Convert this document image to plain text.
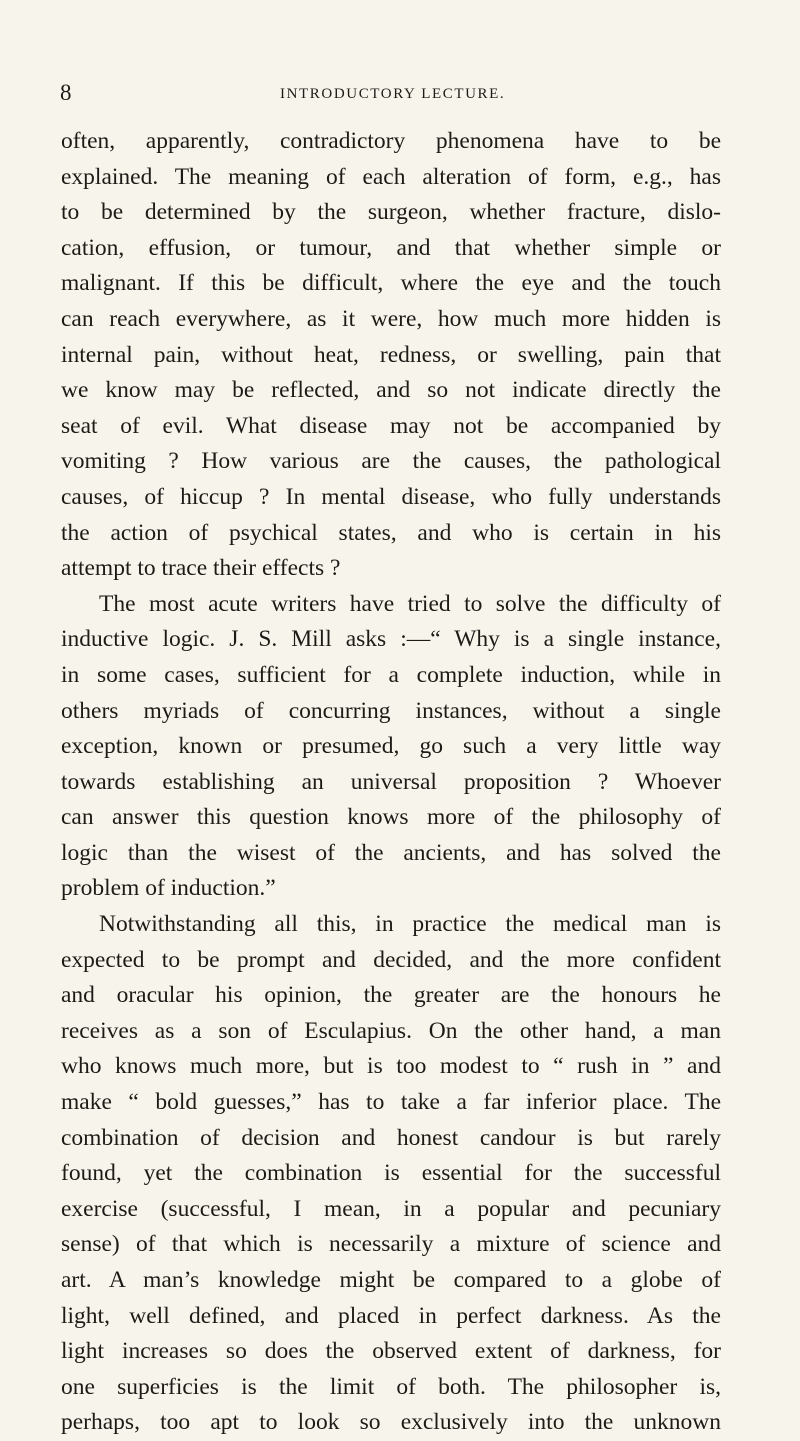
8	INTRODUCTORY LECTURE.
often, apparently, contradictory phenomena have to be
explained. The meaning of each alteration of form, e.g., has
to be determined by the surgeon, whether fracture, dislo-
cation, effusion, or tumour, and that whether simple or
malignant. If this be difficult, where the eye and the touch
can reach everywhere, as it were, how much more hidden is
internal pain, without heat, redness, or swelling, pain that
we know may be reflected, and so not indicate directly the
seat of evil. What disease may not be accompanied by
vomiting ? How various are the causes, the pathological
causes, of hiccup ? In mental disease, who fully understands
the action of psychical states, and who is certain in his
attempt to trace their effects ?
The most acute writers have tried to solve the difficulty of
inductive logic. J. S. Mill asks :—“ Why is a single instance,
in some cases, sufficient for a complete induction, while in
others myriads of concurring instances, without a single
exception, known or presumed, go such a very little way
towards establishing an universal proposition ? Whoever
can answer this question knows more of the philosophy of
logic than the wisest of the ancients, and has solved the
problem of induction.”
Notwithstanding all this, in practice the medical man is
expected to be prompt and decided, and the more confident
and oracular his opinion, the greater are the honours he
receives as a son of Esculapius. On the other hand, a man
who knows much more, but is too modest to “ rush in ” and
make “ bold guesses,” has to take a far inferior place. The
combination of decision and honest candour is but rarely
found, yet the combination is essential for the successful
exercise (successful, I mean, in a popular and pecuniary
sense) of that which is necessarily a mixture of science and
art. A man’s knowledge might be compared to a globe of
light, well defined, and placed in perfect darkness. As the
light increases so does the observed extent of darkness, for
one superficies is the limit of both. The philosopher is,
perhaps, too apt to look so exclusively into the unknown
